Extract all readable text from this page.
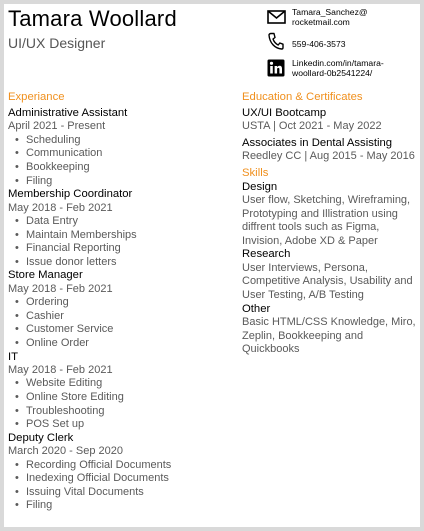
Tamara Woollard
UI/UX Designer
Tamara_Sanchez@
rocketmail.com
559-406-3573
Linkedin.com/in/tamara-
woollard-0b2541224/
Experiance
Administrative Assistant
April 2021 - Present
• Scheduling
• Communication
• Bookkeeping
• Filing
Membership Coordinator
May 2018 - Feb 2021
• Data Entry
• Maintain Memberships
• Financial Reporting
• Issue donor letters
Store Manager
May 2018 - Feb 2021
• Ordering
• Cashier
• Customer Service
• Online Order
IT
May 2018 - Feb 2021
• Website Editing
• Online Store Editing
• Troubleshooting
• POS Set up
Deputy Clerk
March 2020 - Sep 2020
• Recording Official Documents
• Inedexing Official Documents
• Issuing Vital Documents
• Filing
Education & Certificates
UX/UI Bootcamp
USTA | Oct 2021 - May 2022
Associates in Dental Assisting
Reedley CC | Aug 2015 - May 2016
Skills
Design
User flow, Sketching, Wireframing, Prototyping and Illistration using diffrent tools such as Figma, Invision, Adobe XD & Paper
Research
User Interviews, Persona, Competitive Analysis, Usability and User Testing, A/B Testing
Other
Basic HTML/CSS Knowledge, Miro, Zeplin, Bookkeeping and Quickbooks
